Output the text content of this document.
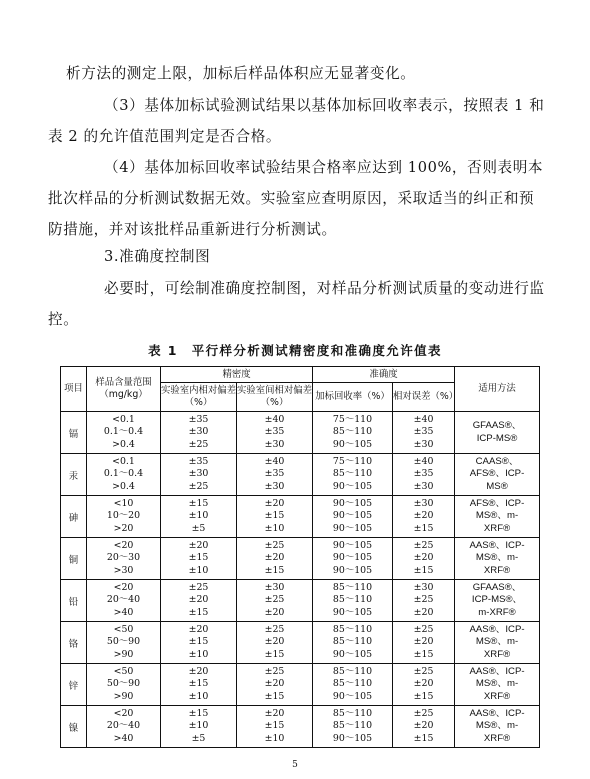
析方法的测定上限，加标后样品体积应无显著变化。

（3）基体加标试验测试结果以基体加标回收率表示，按照表 1 和表 2 的允许值范围判定是否合格。

（4）基体加标回收率试验结果合格率应达到 100%，否则表明本批次样品的分析测试数据无效。实验室应查明原因，采取适当的纠正和预防措施，并对该批样品重新进行分析测试。

3.准确度控制图

必要时，可绘制准确度控制图，对样品分析测试质量的变动进行监控。

表 1　平行样分析测试精密度和准确度允许值表
项目	样品含量范围（mg/kg）	精密度		准确度		适用方法
		实验室内相对偏差（%）	实验室间相对偏差（%）	加标回收率（%）	相对误差（%）	
镉	<0.1
0.1～0.4
>0.4	±35
±30
±25	±40
±35
±30	75～110
85～110
90～105	±40
±35
±30	GFAAS®、
ICP-MS®

汞	<0.1
0.1～0.4
>0.4	±35
±30
±25	±40
±35
±30	75～110
85～110
90～105	±40
±35
±30	CAAS®、
AFS®、ICP-
MS®

砷	<10
10～20
>20	±15
±10
±5	±20
±15
±10	90～105
90～105
90～105	±30
±20
±15	AFS®、ICP-
MS®、m-
XRF®

铜	<20
20～30
>30	±20
±15
±10	±25
±20
±15	90～105
90～105
90～105	±25
±20
±15	AAS®、ICP-
MS®、m-
XRF®

铅	<20
20～40
>40	±25
±20
±15	±30
±25
±20	85～110
85～110
90～105	±30
±25
±20	GFAAS®、
ICP-MS®、
m-XRF®

铬	<50
50～90
>90	±20
±15
±10	±25
±20
±15	85～110
85～110
90～105	±25
±20
±15	AAS®、ICP-
MS®、m-
XRF®

锌	<50
50～90
>90	±20
±15
±10	±25
±20
±15	85～110
85～110
90～105	±25
±20
±15	AAS®、ICP-
MS®、m-
XRF®

镍	<20
20～40
>40	±15
±10
±5	±20
±15
±10	85～110
85～110
90～105	±25
±20
±15	AAS®、ICP-
MS®、m-
XRF®
5
